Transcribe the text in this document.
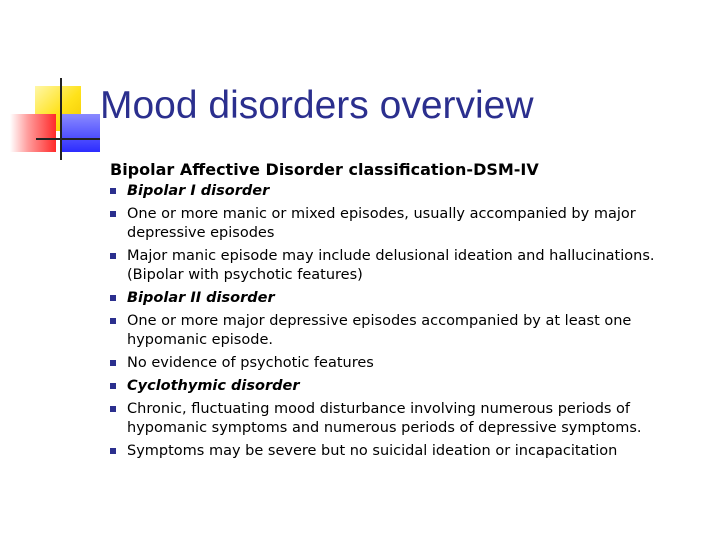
Mood disorders overview
Bipolar Affective Disorder classification-DSM-IV
Bipolar I disorder
One or more manic or mixed episodes, usually accompanied by major depressive episodes
Major manic episode may include delusional ideation and hallucinations. (Bipolar with psychotic features)
Bipolar II disorder
One or more major depressive episodes accompanied by at least one hypomanic episode.
No evidence of psychotic features
Cyclothymic disorder
Chronic, fluctuating mood disturbance involving numerous periods of hypomanic symptoms and numerous periods of depressive symptoms.
Symptoms may be severe but no suicidal ideation or incapacitation
